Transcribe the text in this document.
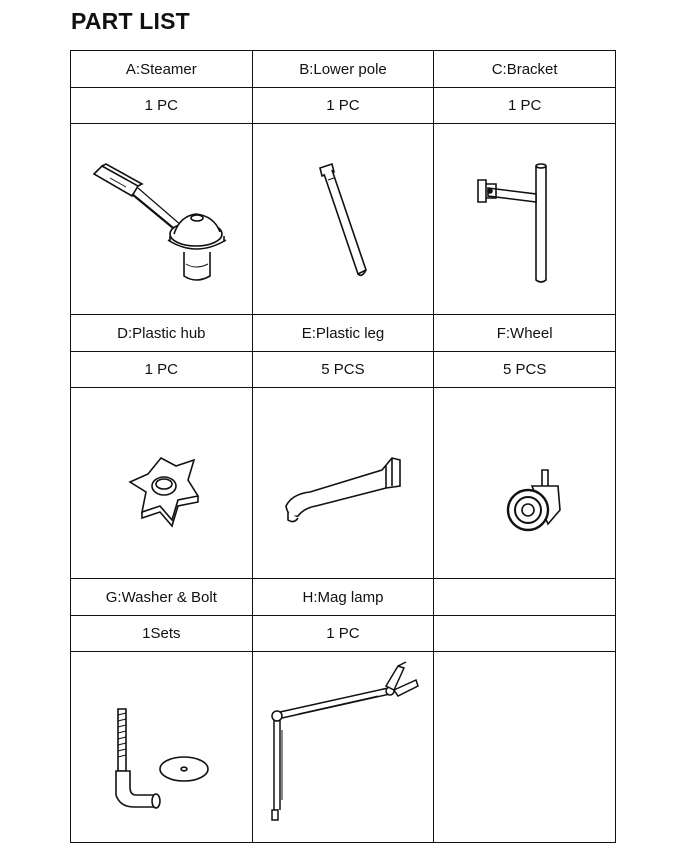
PART LIST
A:Steamer	B:Lower pole	C:Bracket
1 PC	1 PC	1 PC

D:Plastic hub	E:Plastic leg	F:Wheel
1 PC	5 PCS	5 PCS

G:Washer & Bolt	H:Mag lamp	
1Sets	1 PC	
